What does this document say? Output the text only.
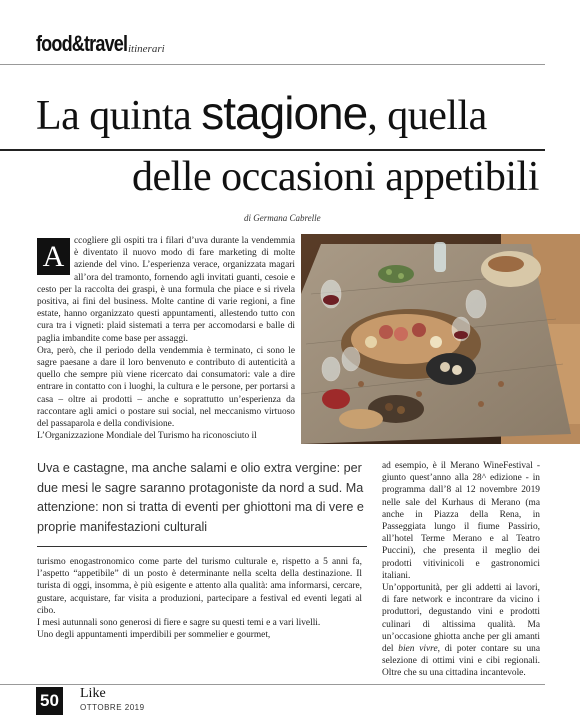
food&travel itinerari
La quinta stagione, quella
delle occasioni appetibili
di Germana Cabrelle

ccogliere gli ospiti tra i filari d’uva durante la vendemmia è diventato il nuovo modo di fare marketing di molte aziende del vino. L’esperienza verace, organizzata magari all’ora del tramonto, fornendo agli invitati guanti, cesoie e cesto per la raccolta dei graspi, è una formula che piace e si rivela positiva, ai fini del business. Molte cantine di varie regioni, a fine estate, hanno organizzato questi appuntamenti, allestendo tutto con cura tra i vigneti: plaid sistemati a terra per accomodarsi e balle di paglia imbandite come base per assaggi.

Ora, però, che il periodo della vendemmia è terminato, ci sono le sagre paesane a dare il loro benvenuto e contributo di autenticità a quello che sempre più viene ricercato dai consumatori: vale a dire entrare in contatto con i luoghi, la cultura e le persone, per portarsi a casa – oltre ai prodotti – anche e soprattutto un’esperienza da raccontare agli amici o postare sui social, nel meccanismo virtuoso del passaparola e della condivisione.

L’Organizzazione Mondiale del Turismo ha riconosciuto il

A
Uva e castagne, ma anche salami e olio extra vergine: per due mesi le sagre saranno protagoniste da nord a sud. Ma attenzione: non si tratta di eventi per ghiottoni ma di vere e proprie manifestazioni culturali

turismo enogastronomico come parte del turismo culturale e, rispetto a 5 anni fa, l’aspetto “appetibile” di un posto è determinante nella scelta della destinazione. Il turista di oggi, insomma, è più esigente e attento alla qualità: ama informarsi, cercare, gustare, acquistare, far visita a produzioni, partecipare a festival ed eventi legati al cibo.

I mesi autunnali sono generosi di fiere e sagre su questi temi e a vari livelli.

Uno degli appuntamenti imperdibili per sommelier e gourmet,

ad esempio, è il Merano WineFestival - giunto quest’anno alla 28^ edizione - in programma dall’8 al 12 novembre 2019 nelle sale del Kurhaus di Merano (ma anche in Piazza della Rena, in Passeggiata lungo il fiume Passirio, all’hotel Terme Merano e al Teatro Puccini), che presenta il meglio dei prodotti vitivinicoli e gastronomici italiani.

Un’opportunità, per gli addetti ai lavori, di fare network e incontrare da vicino i produttori, degustando vini e prodotti culinari di altissima qualità. Ma un’occasione ghiotta anche per gli amanti del bien vivre, di poter contare su una selezione di ottimi vini e cibi regionali. Oltre che su una cittadina incantevole.

50 Like
OTTOBRE 2019
